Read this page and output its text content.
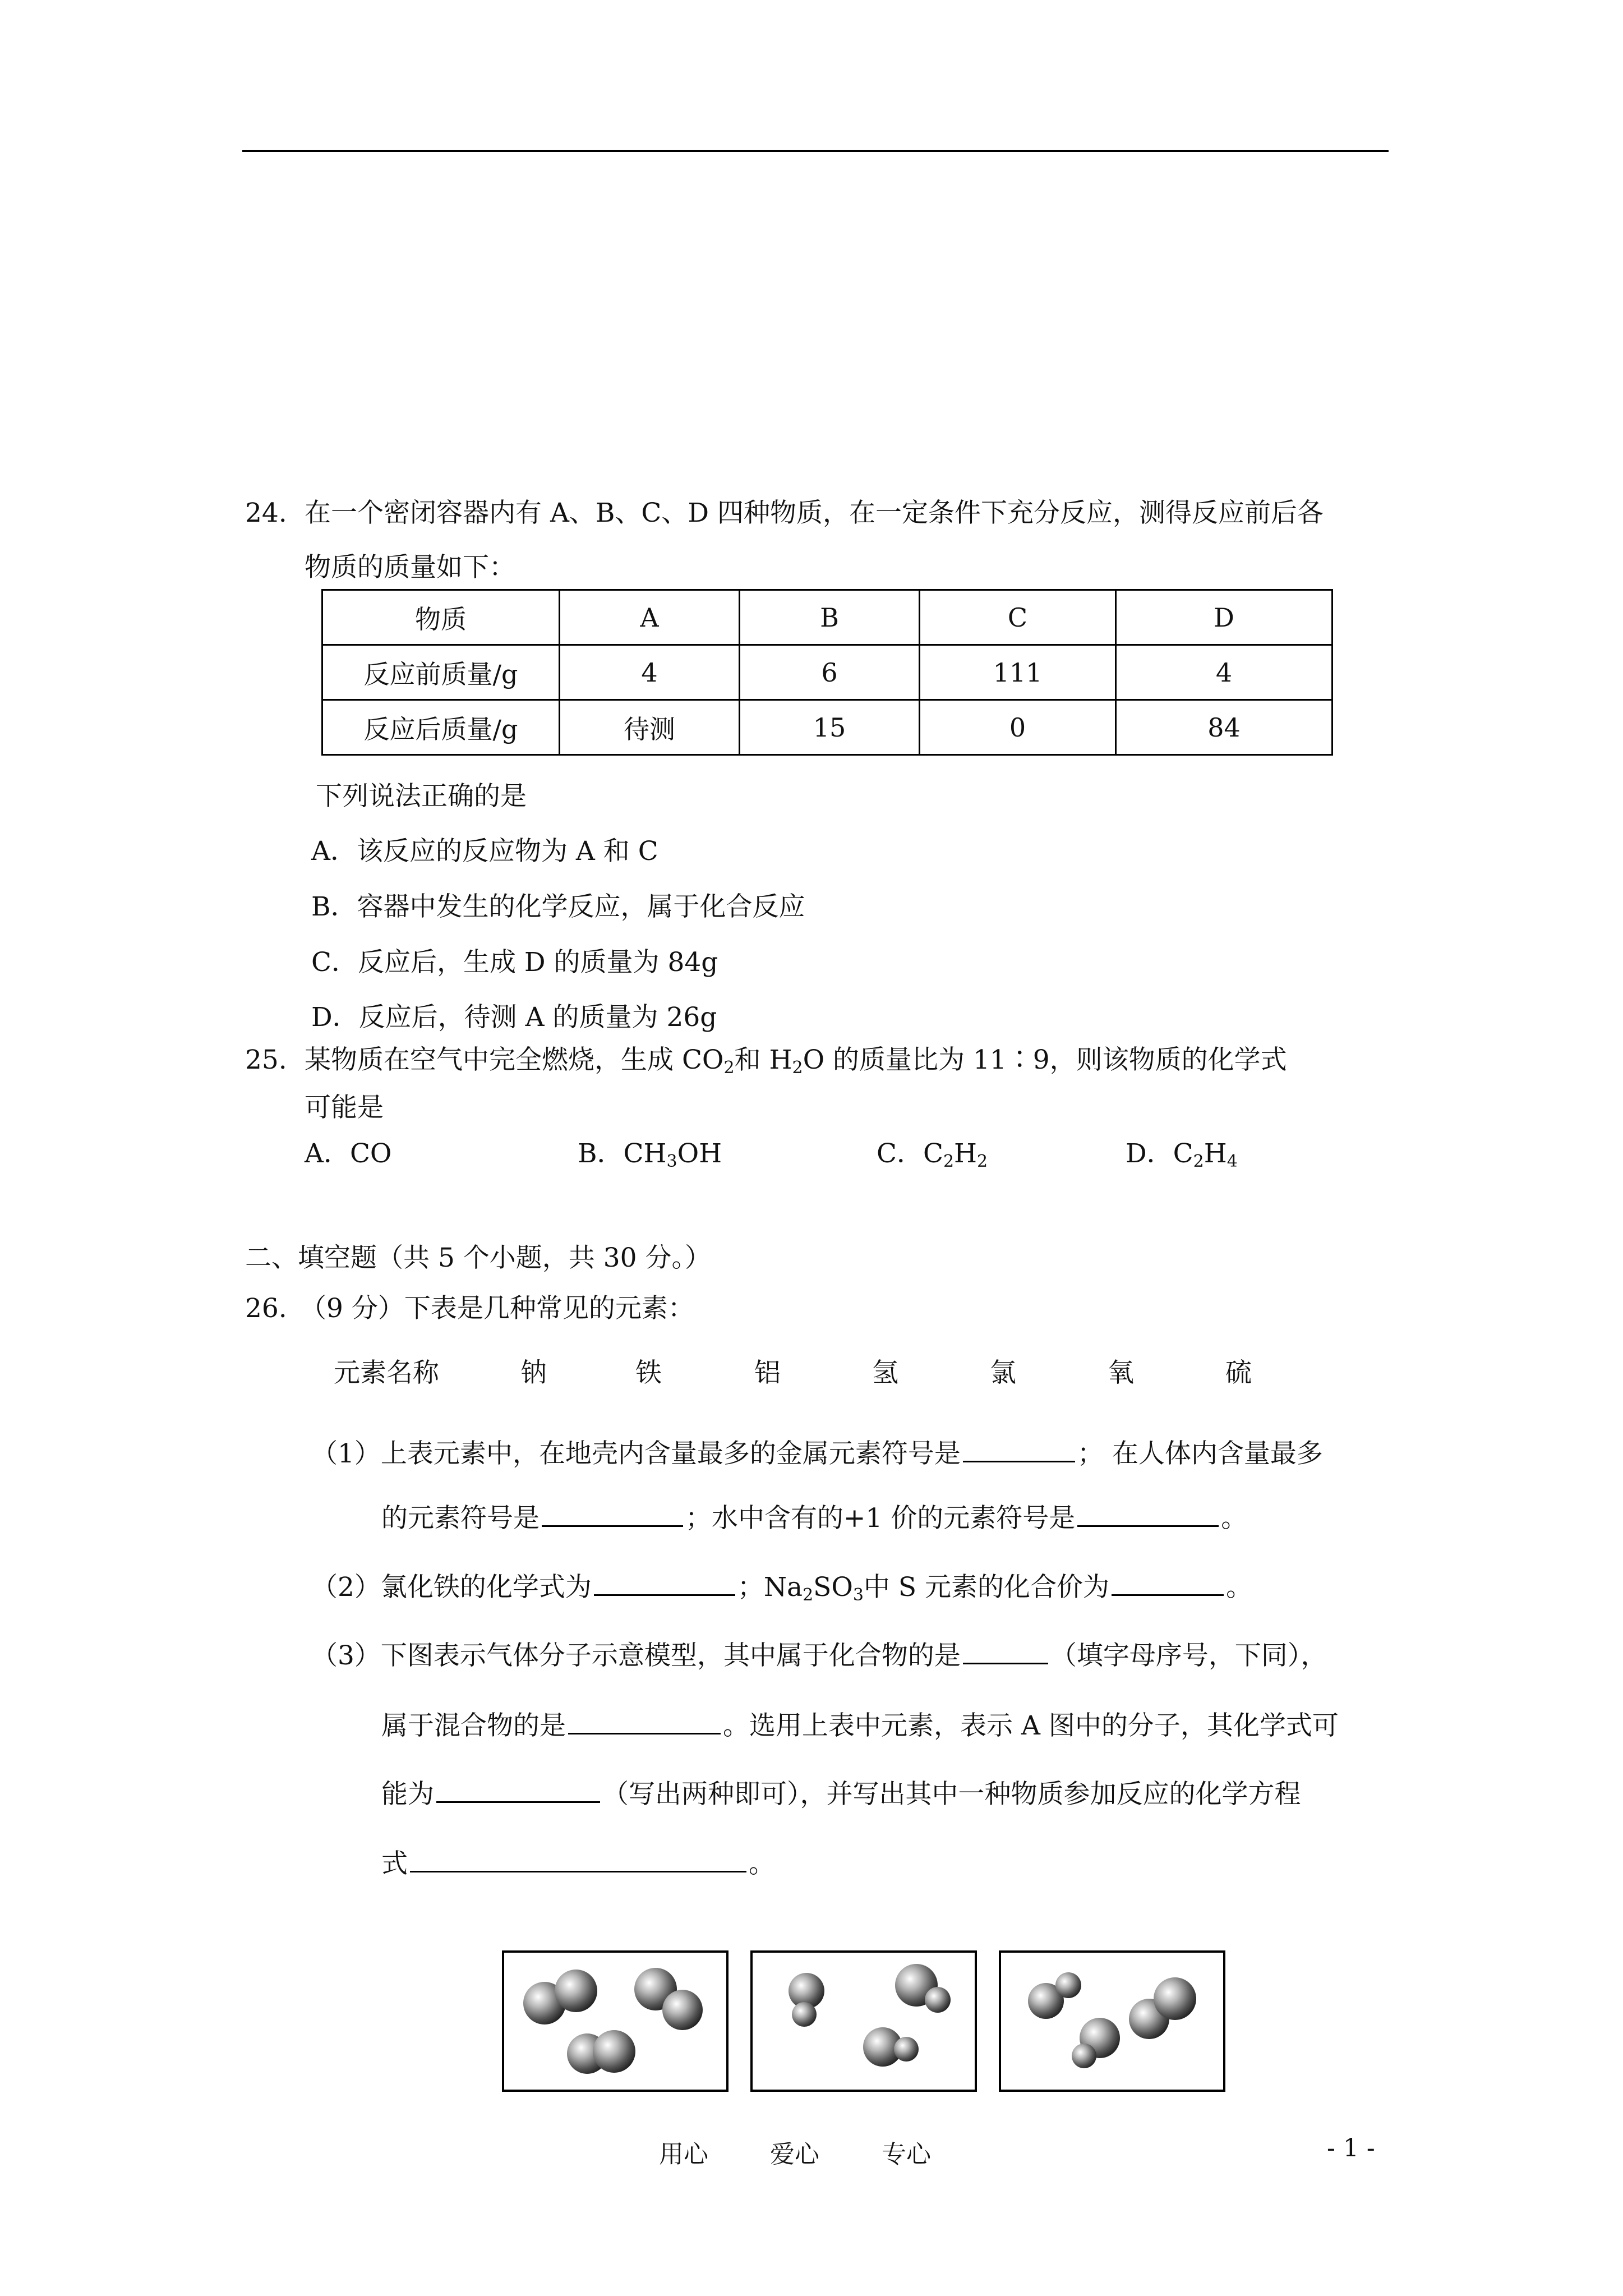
24. 在一个密闭容器内有 A、B、C、D 四种物质，在一定条件下充分反应，测得反应前后各
物质的质量如下：
物质	A	B	C	D
反应前质量/g	4	6	111	4
反应后质量/g	待测	15	0	84
下列说法正确的是
A．该反应的反应物为 A 和 C
B．容器中发生的化学反应，属于化合反应
C．反应后，生成 D 的质量为 84g
D．反应后，待测 A 的质量为 26g
25. 某物质在空气中完全燃烧，生成 $CO_2$和 $H_2O$ 的质量比为 11∶9，则该物质的化学式
可能是
A．CO	B．$CH_3OH$	C．$C_2H_2$	D．$C_2H_4$
二、填空题（共 5 个小题，共 30 分。）
26. （9 分）下表是几种常见的元素：
元素名称	钠	铁	铝	氢	氯	氧	硫
（1）上表元素中，在地壳内含量最多的金属元素符号是	； 在人体内含量最多
的元素符号是	；水中含有的+1 价的元素符号是	。
（2）氯化铁的化学式为	；$Na_2SO_3$中 S 元素的化合价为	。
（3）下图表示气体分子示意模型，其中属于化合物的是	（填字母序号，下同），
属于混合物的是	。选用上表中元素，表示 A 图中的分子，其化学式可
能为	（写出两种即可），并写出其中一种物质参加反应的化学方程
式	。
用心	爱心	专心	- 1 -
